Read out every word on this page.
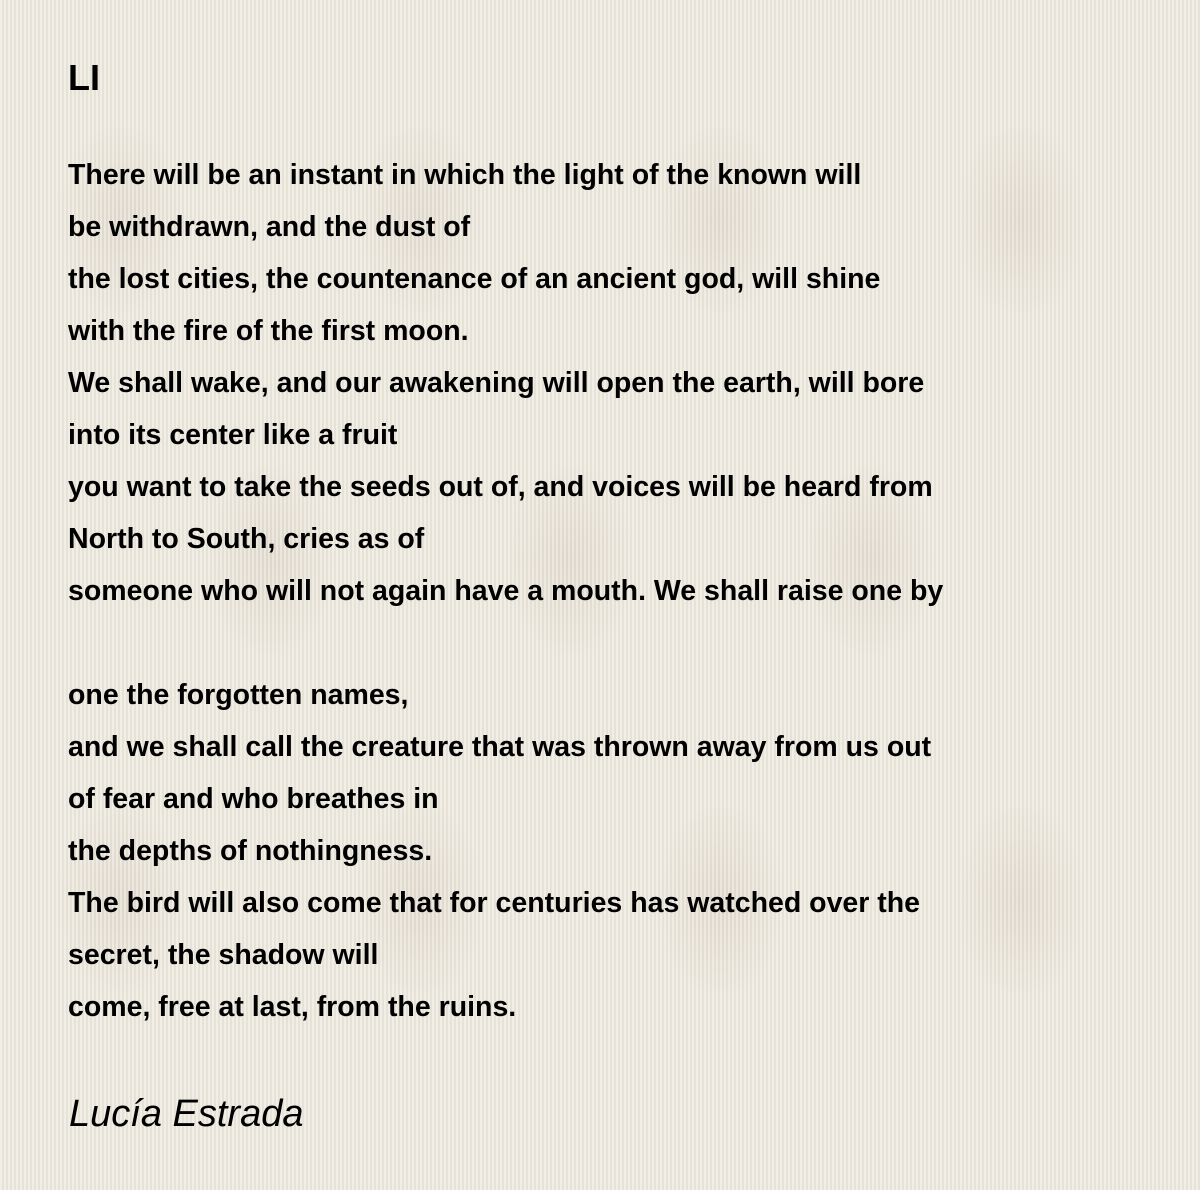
LI
There will be an instant in which the light of the known will
be withdrawn, and the dust of
the lost cities, the countenance of an ancient god, will shine
with the fire of the first moon.
We shall wake, and our awakening will open the earth, will bore
into its center like a fruit
you want to take the seeds out of, and voices will be heard from
North to South, cries as of
someone who will not again have a mouth. We shall raise one by
one the forgotten names,
and we shall call the creature that was thrown away from us out
of fear and who breathes in
the depths of nothingness.
The bird will also come that for centuries has watched over the
secret, the shadow will
come, free at last, from the ruins.
Lucía Estrada
